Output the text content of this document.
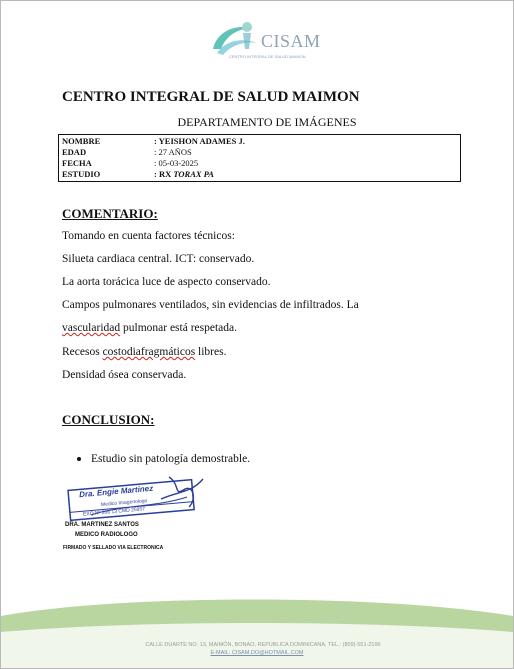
CISAM
CENTRO INTEGRAL DE SALUD MAIMON
CENTRO INTEGRAL DE SALUD MAIMON
DEPARTAMENTO DE IMÁGENES
NOMBRE	: YEISHON ADAMES J.
EDAD	: 27 AÑOS
FECHA	: 05-03-2025
ESTUDIO	: RX TORAX PA
COMENTARIO:
Tomando en cuenta factores técnicos:
Silueta cardiaca central. ICT: conservado.
La aorta torácica luce de aspecto conservado.
Campos pulmonares ventilados, sin evidencias de infiltrados. La
vascularidad pulmonar está respetada.
Recesos costodiafragmáticos libres.
Densidad ósea conservada.
CONCLUSION:
Estudio sin patología demostrable.
Dra. Engie Martinez
Medico Imagenologo
EXQ Nº 206 13 CMD 25957
DRA. MARTINEZ SANTOS
MEDICO RADIOLOGO
FIRMADO Y SELLADO VIA ELECTRONICA
CALLE DUARTE NO. 13, MAIMÓN, BONAO, REPUBLICA DOMINICANA, TEL.: (809)-551-2196
E-MAIL: CISAM.DO@HOTMAIL.COM
